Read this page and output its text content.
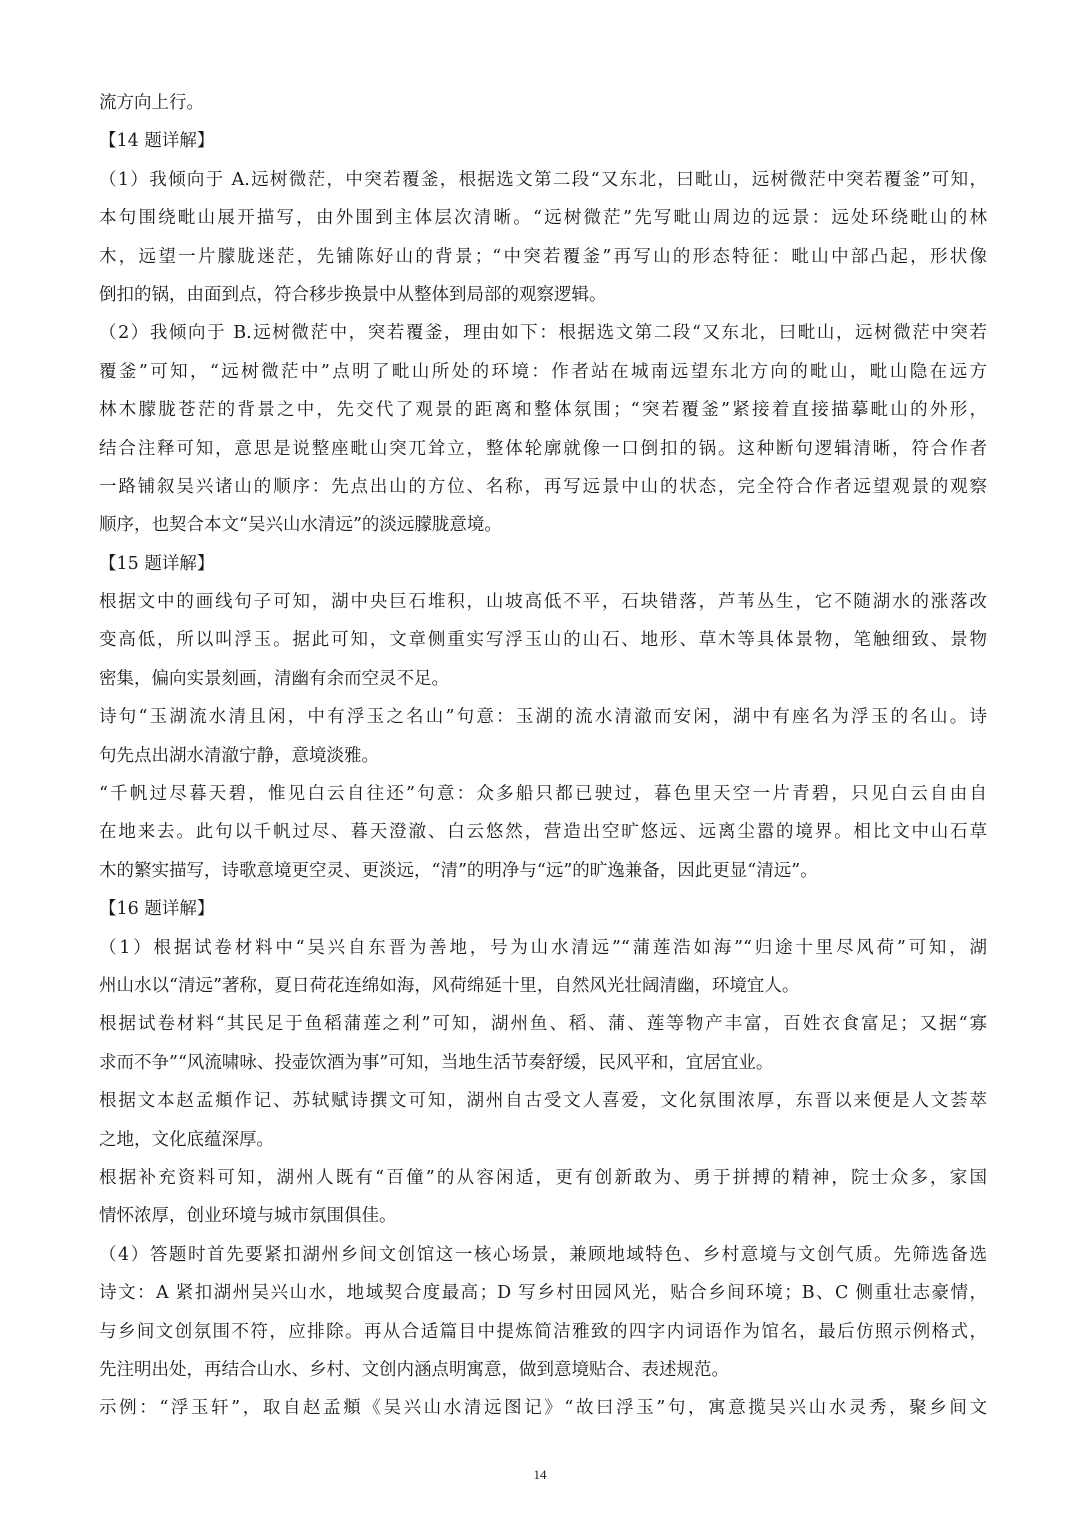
流方向上行。
【14 题详解】
（1）我倾向于 A.远树微茫，中突若覆釜，根据选文第二段“又东北，曰毗山，远树微茫中突若覆釜”可知，
本句围绕毗山展开描写，由外围到主体层次清晰。“远树微茫”先写毗山周边的远景：远处环绕毗山的林
木，远望一片朦胧迷茫，先铺陈好山的背景；“中突若覆釜”再写山的形态特征：毗山中部凸起，形状像
倒扣的锅，由面到点，符合移步换景中从整体到局部的观察逻辑。
（2）我倾向于 B.远树微茫中，突若覆釜，理由如下：根据选文第二段“又东北，曰毗山，远树微茫中突若
覆釜”可知，“远树微茫中”点明了毗山所处的环境：作者站在城南远望东北方向的毗山，毗山隐在远方
林木朦胧苍茫的背景之中，先交代了观景的距离和整体氛围；“突若覆釜”紧接着直接描摹毗山的外形，
结合注释可知，意思是说整座毗山突兀耸立，整体轮廓就像一口倒扣的锅。这种断句逻辑清晰，符合作者
一路铺叙吴兴诸山的顺序：先点出山的方位、名称，再写远景中山的状态，完全符合作者远望观景的观察
顺序，也契合本文“吴兴山水清远”的淡远朦胧意境。
【15 题详解】
根据文中的画线句子可知，湖中央巨石堆积，山坡高低不平，石块错落，芦苇丛生，它不随湖水的涨落改
变高低，所以叫浮玉。据此可知，文章侧重实写浮玉山的山石、地形、草木等具体景物，笔触细致、景物
密集，偏向实景刻画，清幽有余而空灵不足。
诗句“玉湖流水清且闲，中有浮玉之名山”句意：玉湖的流水清澈而安闲，湖中有座名为浮玉的名山。诗
句先点出湖水清澈宁静，意境淡雅。
“千帆过尽暮天碧，惟见白云自往还”句意：众多船只都已驶过，暮色里天空一片青碧，只见白云自由自
在地来去。此句以千帆过尽、暮天澄澈、白云悠然，营造出空旷悠远、远离尘嚣的境界。相比文中山石草
木的繁实描写，诗歌意境更空灵、更淡远，“清”的明净与“远”的旷逸兼备，因此更显“清远”。
【16 题详解】
（1）根据试卷材料中“吴兴自东晋为善地，号为山水清远”“蒲莲浩如海”“归途十里尽风荷”可知，湖
州山水以“清远”著称，夏日荷花连绵如海，风荷绵延十里，自然风光壮阔清幽，环境宜人。
根据试卷材料“其民足于鱼稻蒲莲之利”可知，湖州鱼、稻、蒲、莲等物产丰富，百姓衣食富足；又据“寡
求而不争”“风流啸咏、投壶饮酒为事”可知，当地生活节奏舒缓，民风平和，宜居宜业。
根据文本赵孟頫作记、苏轼赋诗撰文可知，湖州自古受文人喜爱，文化氛围浓厚，东晋以来便是人文荟萃
之地，文化底蕴深厚。
根据补充资料可知，湖州人既有“百僮”的从容闲适，更有创新敢为、勇于拼搏的精神，院士众多，家国
情怀浓厚，创业环境与城市氛围俱佳。
（4）答题时首先要紧扣湖州乡间文创馆这一核心场景，兼顾地域特色、乡村意境与文创气质。先筛选备选
诗文：A 紧扣湖州吴兴山水，地域契合度最高；D 写乡村田园风光，贴合乡间环境；B、C 侧重壮志豪情，
与乡间文创氛围不符，应排除。再从合适篇目中提炼简洁雅致的四字内词语作为馆名，最后仿照示例格式，
先注明出处，再结合山水、乡村、文创内涵点明寓意，做到意境贴合、表述规范。
示例：“浮玉轩”，取自赵孟頫《吴兴山水清远图记》“故曰浮玉”句，寓意揽吴兴山水灵秀，聚乡间文
14
